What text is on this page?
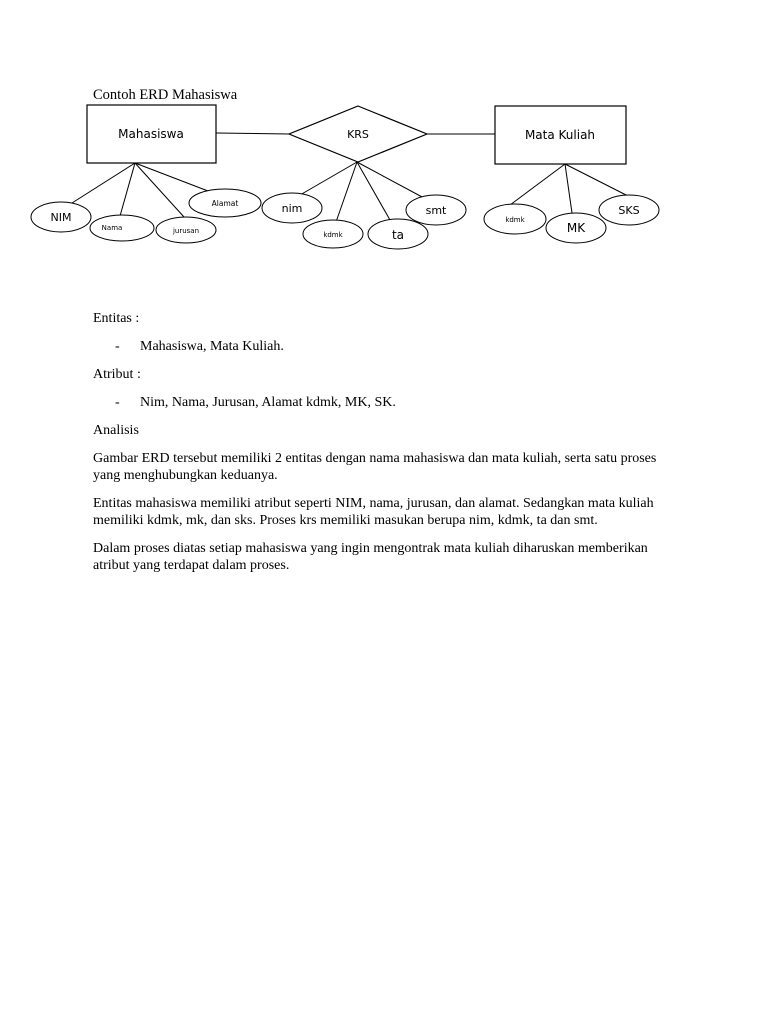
Contoh ERD Mahasiswa
Mahasiswa	Mata Kuliah
KRS
NIM
Nama	jurusan
Alamat	nim
kdmk	ta
smt
kdmk
MK
SKS

Entitas :

-	Mahasiswa, Mata Kuliah.

Atribut :

-	Nim, Nama, Jurusan, Alamat kdmk, MK, SK.

Analisis

Gambar ERD tersebut memiliki 2 entitas dengan nama mahasiswa dan mata kuliah, serta satu proses yang menghubungkan keduanya.

Entitas mahasiswa memiliki atribut seperti NIM, nama, jurusan, dan alamat. Sedangkan mata kuliah memiliki kdmk, mk, dan sks. Proses krs memiliki masukan berupa nim, kdmk, ta dan smt.

Dalam proses diatas setiap mahasiswa yang ingin mengontrak mata kuliah diharuskan memberikan atribut yang terdapat dalam proses.
